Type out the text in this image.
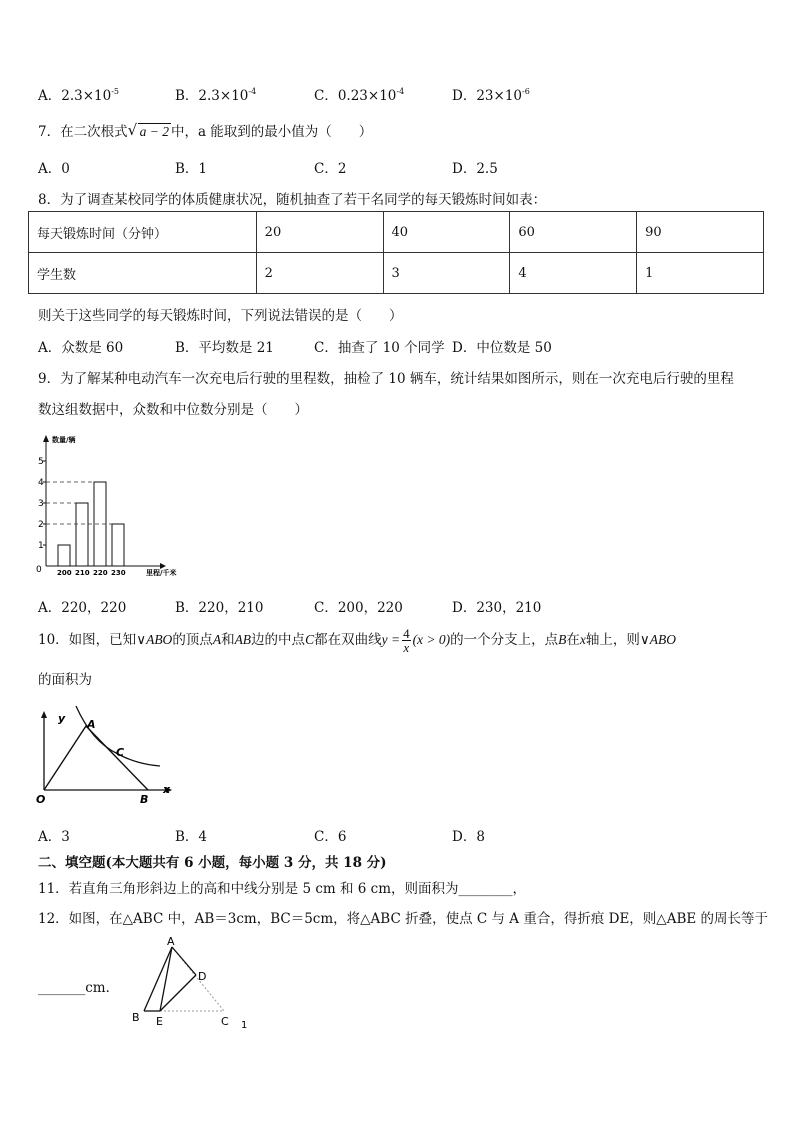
A．$2.3\times 10^{-5}$	B．$2.3\times 10^{-4}$	C．$0.23\times 10^{-4}$	D．$23\times 10^{-6}$
7．在二次根式 √ a − 2 中，a 能取到的最小值为（　　）
A．0	B．1	C．2	D．2.5
8．为了调查某校同学的体质健康状况，随机抽查了若干名同学的每天锻炼时间如表：
每天锻炼时间（分钟）	20	40	60	90
学生数	2	3	4	1
则关于这些同学的每天锻炼时间，下列说法错误的是（　　）
A．众数是 60	B．平均数是 21	C．抽查了 10 个同学 D．中位数是 50
9．为了解某种电动汽车一次充电后行驶的里程数，抽检了 10 辆车，统计结果如图所示，则在一次充电后行驶的里程
数这组数据中，众数和中位数分别是（　　）
数量/辆
里程/千米
0
1
2
3
4
5
200 210 220 230
A．220，220	B．220，210	C．200，220	D．230，210
10．如图，已知∨ABO的顶点A和AB边的中点C都在双曲线$y = \frac{4}{x} (x > 0)$的一个分支上，点B在x轴上，则∨ABO
的面积为
y A
C
O	B
x
A．3	B．4	C．6	D．8
二、填空题(本大题共有 6 小题，每小题 3 分，共 18 分)
11．若直角三角形斜边上的高和中线分别是 5 cm 和 6 cm，则面积为________，
12．如图，在△ABC 中，AB＝3cm，BC＝5cm，将△ABC 折叠，使点 C 与 A 重合，得折痕 DE，则△ABE 的周长等于
_______cm．
A
D
B E	C 1
